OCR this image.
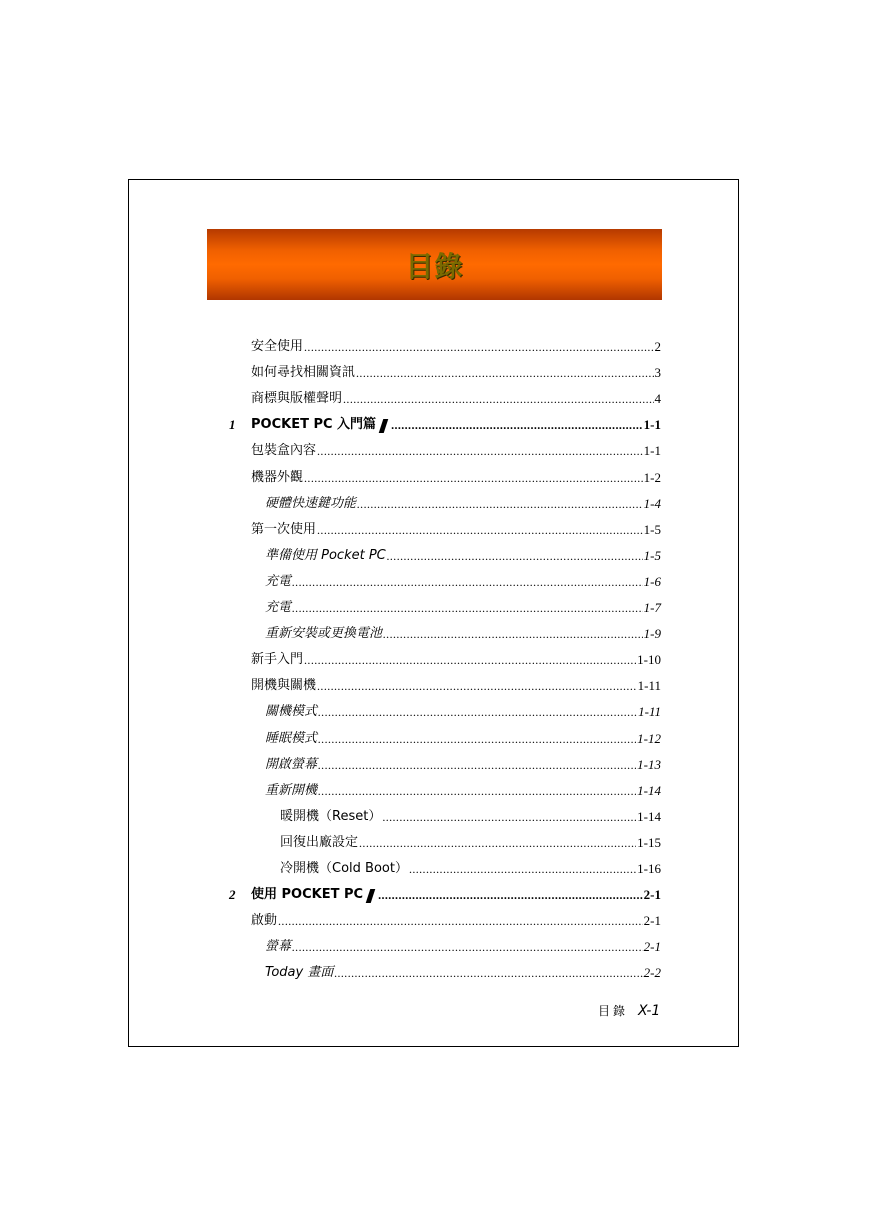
目錄
安全使用 .....	2
如何尋找相關資訊 .....	3
商標與版權聲明 .....	4
1	POCKET PC 入門篇 .....	1-1
包裝盒內容 .....	1-1
機器外觀 .....	1-2
硬體快速鍵功能 .....	1-4
第一次使用 .....	1-5
準備使用 Pocket PC .....	1-5
充電 .....	1-6
充電 .....	1-7
重新安裝或更換電池 .....	1-9
新手入門 .....	1-10
開機與關機 .....	1-11
關機模式 .....	1-11
睡眠模式 .....	1-12
開啟螢幕 .....	1-13
重新開機 .....	1-14
暖開機（Reset） .....	1-14
回復出廠設定 .....	1-15
冷開機（Cold Boot） .....	1-16
2	使用 POCKET PC .....	2-1
啟動 .....	2-1
螢幕 .....	2-1
Today 畫面 .....	2-2
目錄 X-1
